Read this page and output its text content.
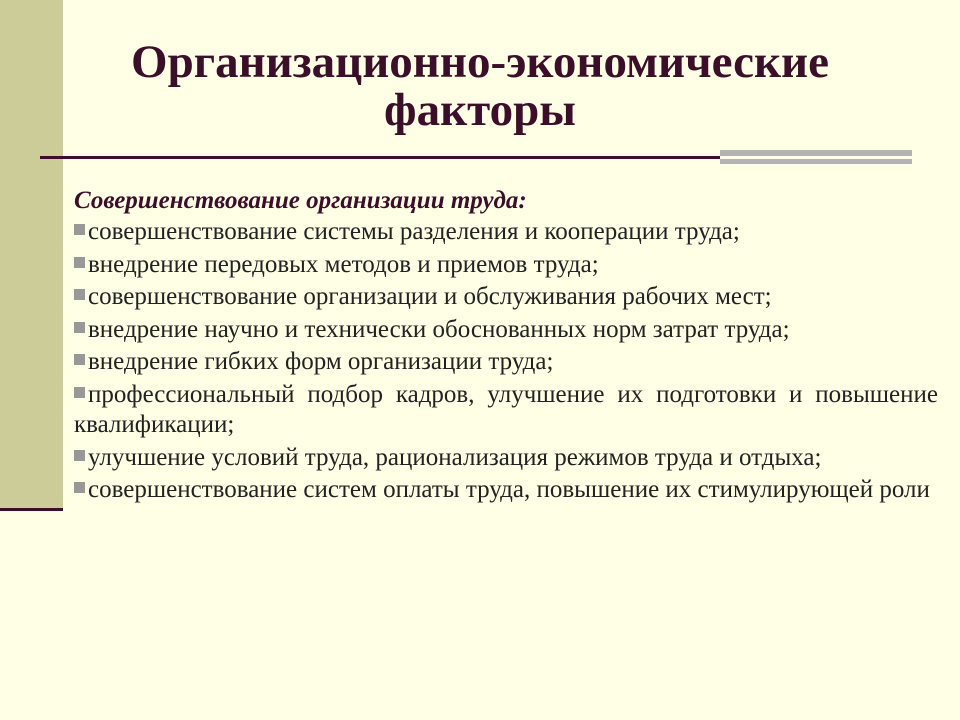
Организационно-экономические
факторы

Совершенствование организации труда:

совершенствование системы разделения и кооперации труда;
внедрение передовых методов и приемов труда;
совершенствование организации и обслуживания рабочих мест;
внедрение научно и технически обоснованных норм затрат труда;
внедрение гибких форм организации труда;
профессиональный подбор кадров, улучшение их подготовки и повышение квалификации;
улучшение условий труда, рационализация режимов труда и отдыха;
совершенствование систем оплаты труда, повышение их стимулирующей роли
